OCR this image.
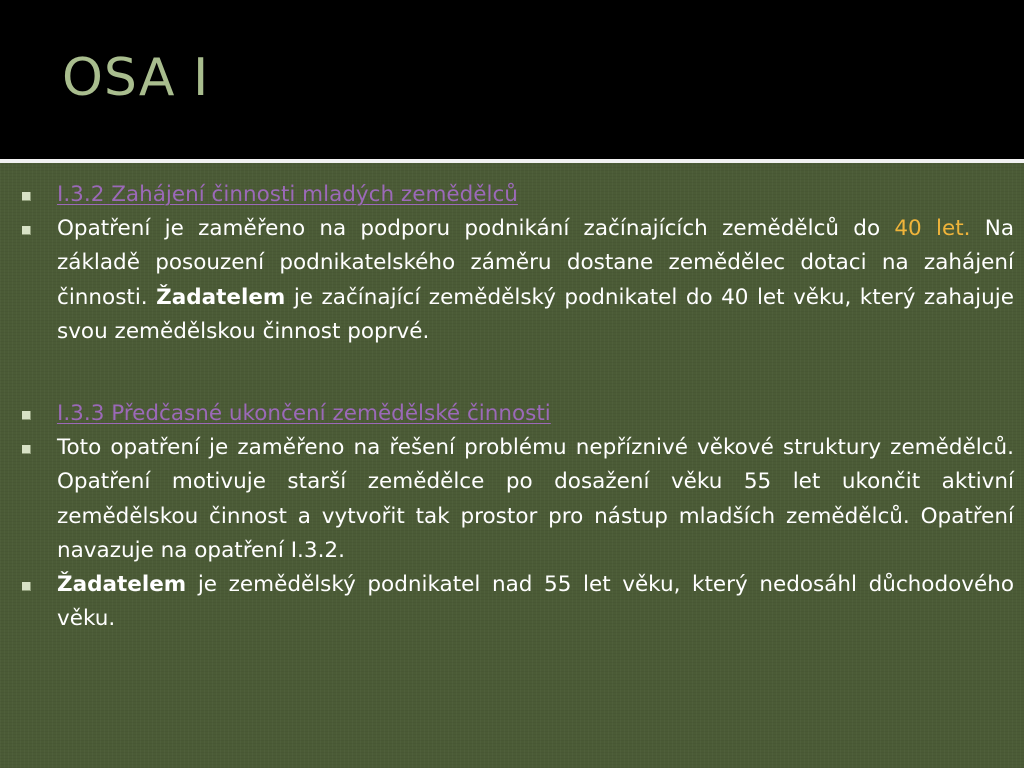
OSA I
I.3.2 Zahájení činnosti mladých zemědělců
Opatření je zaměřeno na podporu podnikání začínajících zemědělců do 40 let. Na základě posouzení podnikatelského záměru dostane zemědělec dotaci na zahájení činnosti. Žadatelem je začínající zemědělský podnikatel do 40 let věku, který zahajuje svou zemědělskou činnost poprvé.
I.3.3 Předčasné ukončení zemědělské činnosti
Toto opatření je zaměřeno na řešení problému nepříznivé věkové struktury zemědělců. Opatření motivuje starší zemědělce po dosažení věku 55 let ukončit aktivní zemědělskou činnost a vytvořit tak prostor pro nástup mladších zemědělců. Opatření navazuje na opatření I.3.2.
Žadatelem je zemědělský podnikatel nad 55 let věku, který nedosáhl důchodového věku.
